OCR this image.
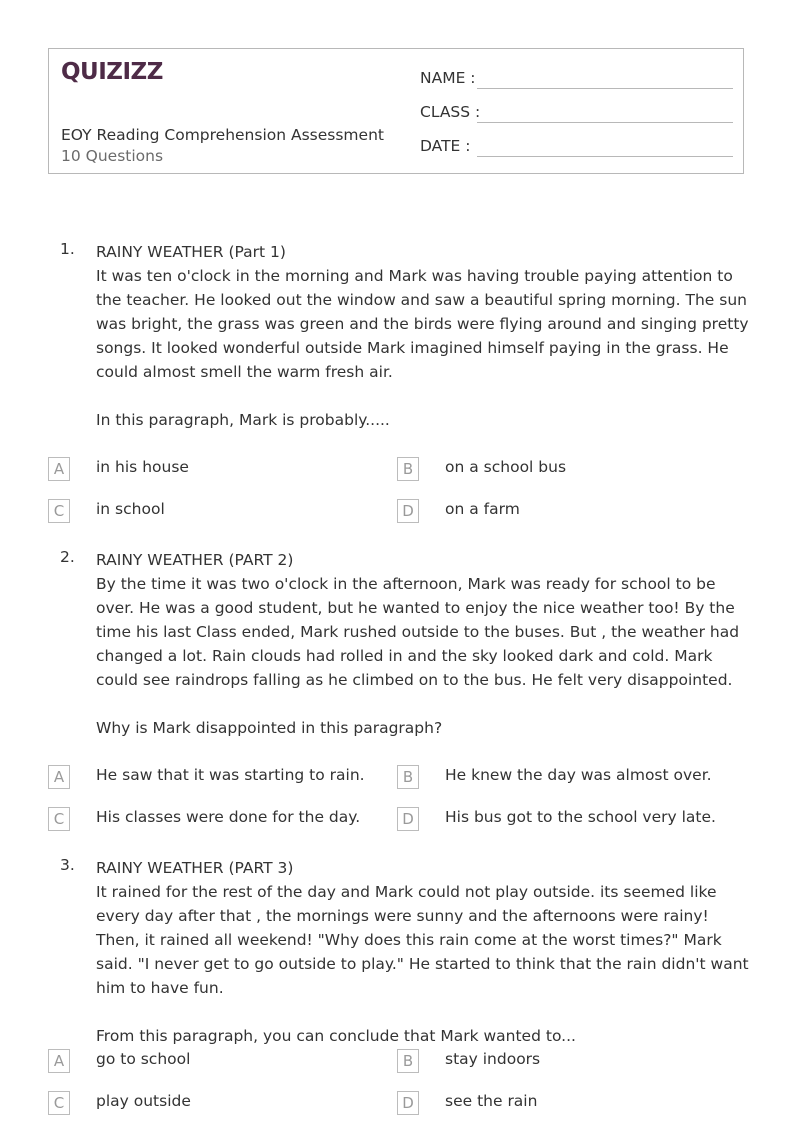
QUIZIZZ
EOY Reading Comprehension Assessment
10 Questions
NAME :
CLASS :
DATE :
1. RAINY WEATHER (Part 1)

It was ten o'clock in the morning and Mark was having trouble paying attention to the teacher. He looked out the window and saw a beautiful spring morning. The sun was bright, the grass was green and the birds were flying around and singing pretty songs. It looked wonderful outside Mark imagined himself paying in the grass. He could almost smell the warm fresh air.

In this paragraph, Mark is probably.....

A	in his house	B	on a school bus
C	in school	D	on a farm
2. RAINY WEATHER (PART 2)

By the time it was two o'clock in the afternoon, Mark was ready for school to be over. He was a good student, but he wanted to enjoy the nice weather too! By the time his last Class ended, Mark rushed outside to the buses. But , the weather had changed a lot. Rain clouds had rolled in and the sky looked dark and cold. Mark could see raindrops falling as he climbed on to the bus. He felt very disappointed.

Why is Mark disappointed in this paragraph?

A	He saw that it was starting to rain.	B	He knew the day was almost over.
C	His classes were done for the day.	D	His bus got to the school very late.
3. RAINY WEATHER (PART 3)

It rained for the rest of the day and Mark could not play outside. its seemed like every day after that , the mornings were sunny and the afternoons were rainy! Then, it rained all weekend! "Why does this rain come at the worst times?" Mark said. "I never get to go outside to play." He started to think that the rain didn't want him to have fun.

From this paragraph, you can conclude that Mark wanted to...

A	go to school	B	stay indoors
C	play outside	D	see the rain
